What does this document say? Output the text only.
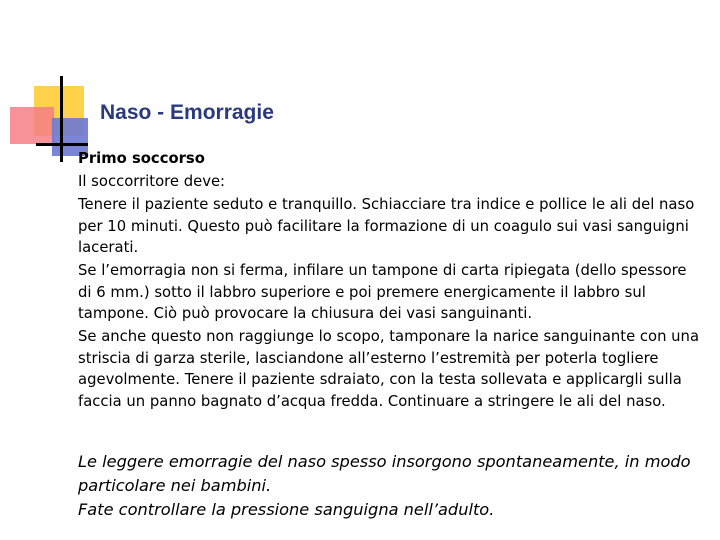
Naso - Emorragie

Primo soccorso

Il soccorritore deve:

Tenere il paziente seduto e tranquillo. Schiacciare tra indice e pollice le ali del naso per 10 minuti. Questo può facilitare la formazione di un coagulo sui vasi sanguigni lacerati.

Se l’emorragia non si ferma, infilare un tampone di carta ripiegata (dello spessore di 6 mm.) sotto il labbro superiore e poi premere energicamente il labbro sul tampone. Ciò può provocare la chiusura dei vasi sanguinanti.

Se anche questo non raggiunge lo scopo, tamponare la narice sanguinante con una striscia di garza sterile, lasciandone all’esterno l’estremità per poterla togliere agevolmente. Tenere il paziente sdraiato, con la testa sollevata e applicargli sulla faccia un panno bagnato d’acqua fredda. Continuare a stringere le ali del naso.

Le leggere emorragie del naso spesso insorgono spontaneamente, in modo particolare nei bambini.

Fate controllare la pressione sanguigna nell’adulto.
